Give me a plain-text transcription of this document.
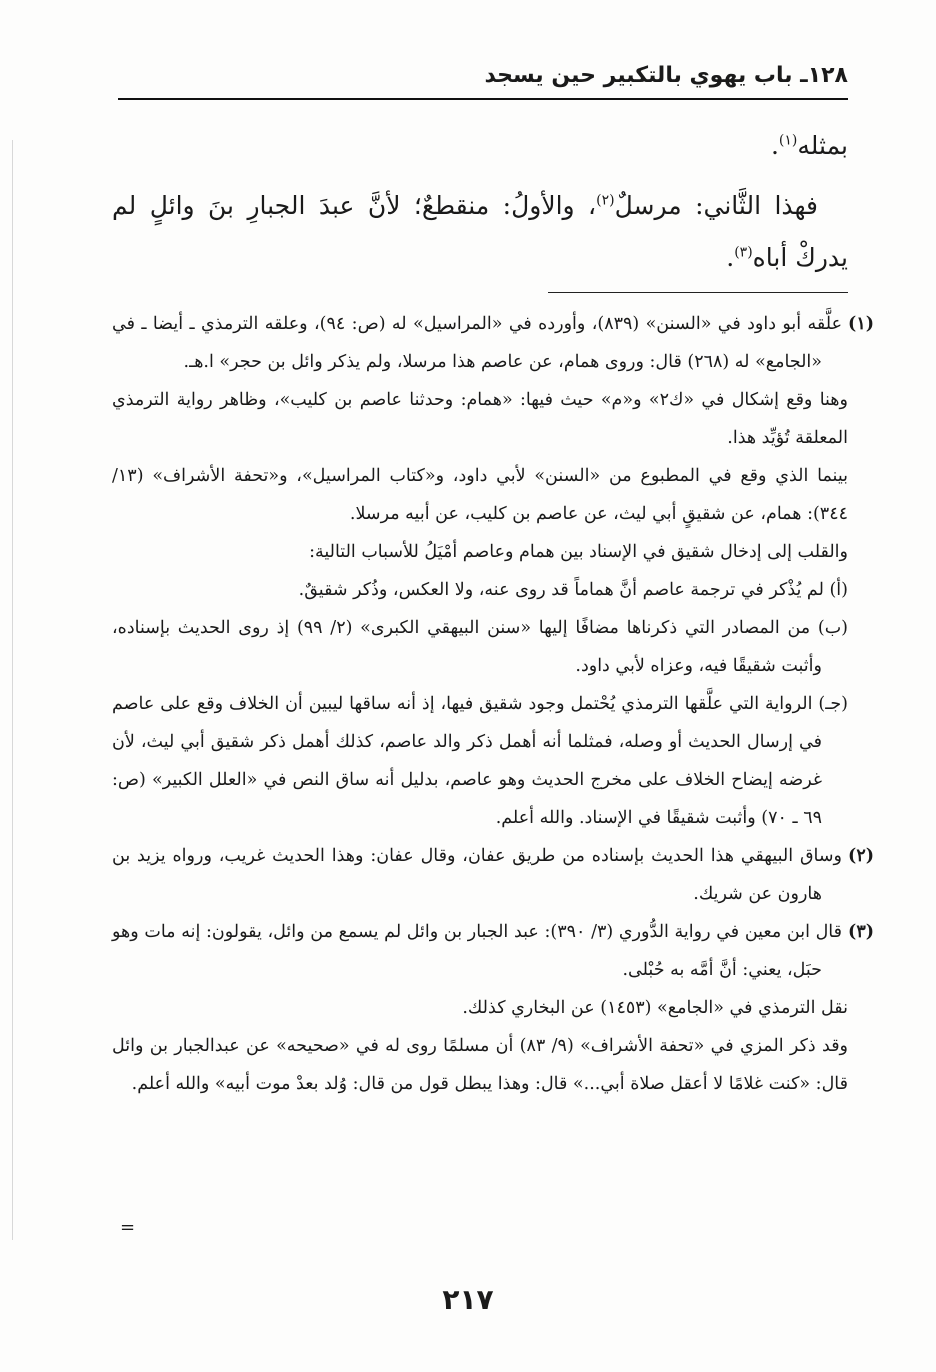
١٢٨ـ باب يهوي بالتكبير حين يسجد

بمثله$^{(١)}$.

فهذا الثَّاني: مرسلٌ$^{(٢)}$، والأولُ: منقطعٌ؛ لأنَّ عبدَ الجبارِ بنَ وائلٍ لم يدركْ أباه$^{(٣)}$.

(١)علَّقه أبو داود في «السنن» (٨٣٩)، وأورده في «المراسيل» له (ص: ٩٤)، وعلقه الترمذي ـ أيضا ـ في «الجامع» له (٢٦٨) قال: وروى همام، عن عاصم هذا مرسلا، ولم يذكر وائل بن حجر» ا.هـ.

وهنا وقع إشكال في «ك۲» و«م» حيث فيها: «همام: وحدثنا عاصم بن كليب»، وظاهر رواية الترمذي المعلقة تُؤيِّد هذا.

بينما الذي وقع في المطبوع من «السنن» لأبي داود، و«كتاب المراسيل»، و«تحفة الأشراف» (١٣/ ٣٤٤): همام، عن شقيقٍ أبي ليث، عن عاصم بن كليب، عن أبيه مرسلا.

والقلب إلى إدخال شقيق في الإسناد بين همام وعاصم أمْيَلُ للأسباب التالية:

(أ) لم يُذْكر في ترجمة عاصم أنَّ هماماً قد روى عنه، ولا العكس، وذُكر شقيقٌ.

(ب) من المصادر التي ذكرناها مضافًا إليها «سنن البيهقي الكبرى» (٢/ ٩٩) إذ روى الحديث بإسناده، وأثبت شقيقًا فيه، وعزاه لأبي داود.

(جـ) الرواية التي علَّقها الترمذي يُحْتمل وجود شقيق فيها، إذ أنه ساقها ليبين أن الخلاف وقع على عاصم في إرسال الحديث أو وصله، فمثلما أنه أهمل ذكر والد عاصم، كذلك أهمل ذكر شقيق أبي ليث، لأن غرضه إيضاح الخلاف على مخرج الحديث وهو عاصم، بدليل أنه ساق النص في «العلل الكبير» (ص: ٦٩ ـ ٧٠) وأثبت شقيقًا في الإسناد. والله أعلم.

(٢)وساق البيهقي هذا الحديث بإسناده من طريق عفان، وقال عفان: وهذا الحديث غريب، ورواه يزيد بن هارون عن شريك.

(٣)قال ابن معين في رواية الدُّوري (٣/ ٣٩٠): عبد الجبار بن وائل لم يسمع من وائل، يقولون: إنه مات وهو حبَل، يعني: أنَّ أمَّه به حُبْلى.

نقل الترمذي في «الجامع» (١٤٥٣) عن البخاري كذلك.

وقد ذكر المزي في «تحفة الأشراف» (٩/ ٨٣) أن مسلمًا روى له في «صحيحه» عن عبدالجبار بن وائل قال: «كنت غلامًا لا أعقل صلاة أبي...» قال: وهذا يبطل قول من قال: وُلد بعدْ موت أبيه» والله أعلم.

=
٢١٧
